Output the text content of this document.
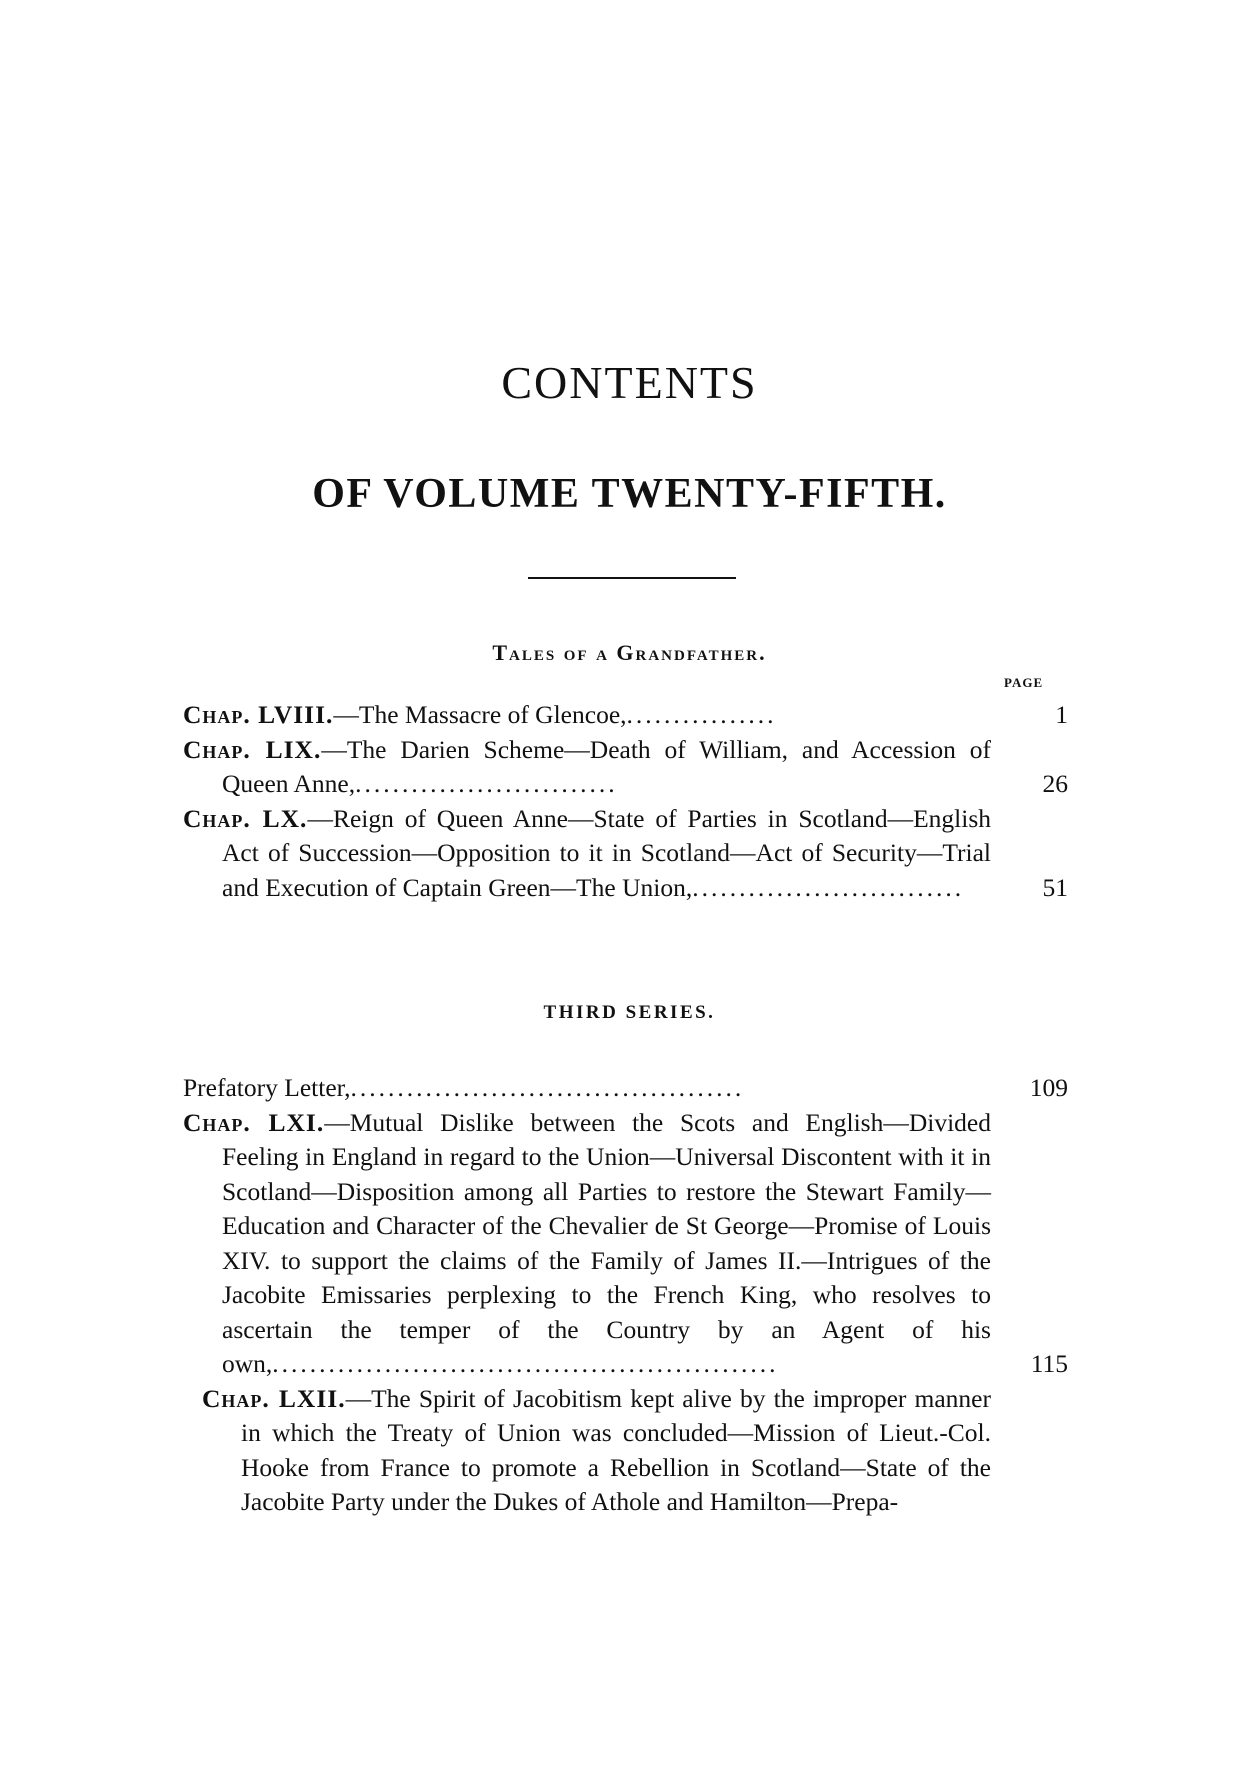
CONTENTS
OF VOLUME TWENTY-FIFTH.
Tales of a Grandfather.
PAGE
Chap. LVIII.—The Massacre of Glencoe,................	1
Chap. LIX.—The Darien Scheme—Death of William, and Accession of Queen Anne,............................	26
Chap. LX.—Reign of Queen Anne—State of Parties in Scotland—English Act of Succession—Opposition to it in Scotland—Act of Security—Trial and Execution of Captain Green—The Union,.............................	51
THIRD SERIES.
Prefatory Letter,..........................................	109
Chap. LXI.—Mutual Dislike between the Scots and English—Divided Feeling in England in regard to the Union—Universal Discontent with it in Scotland—Disposition among all Parties to restore the Stewart Family—Education and Character of the Chevalier de St George—Promise of Louis XIV. to support the claims of the Family of James II.—Intrigues of the Jacobite Emissaries perplexing to the French King, who resolves to ascertain the temper of the Country by an Agent of his own,......................................................	115
Chap. LXII.—The Spirit of Jacobitism kept alive by the improper manner in which the Treaty of Union was concluded—Mission of Lieut.-Col. Hooke from France to promote a Rebellion in Scotland—State of the Jacobite Party under the Dukes of Athole and Hamilton—Prepa-
